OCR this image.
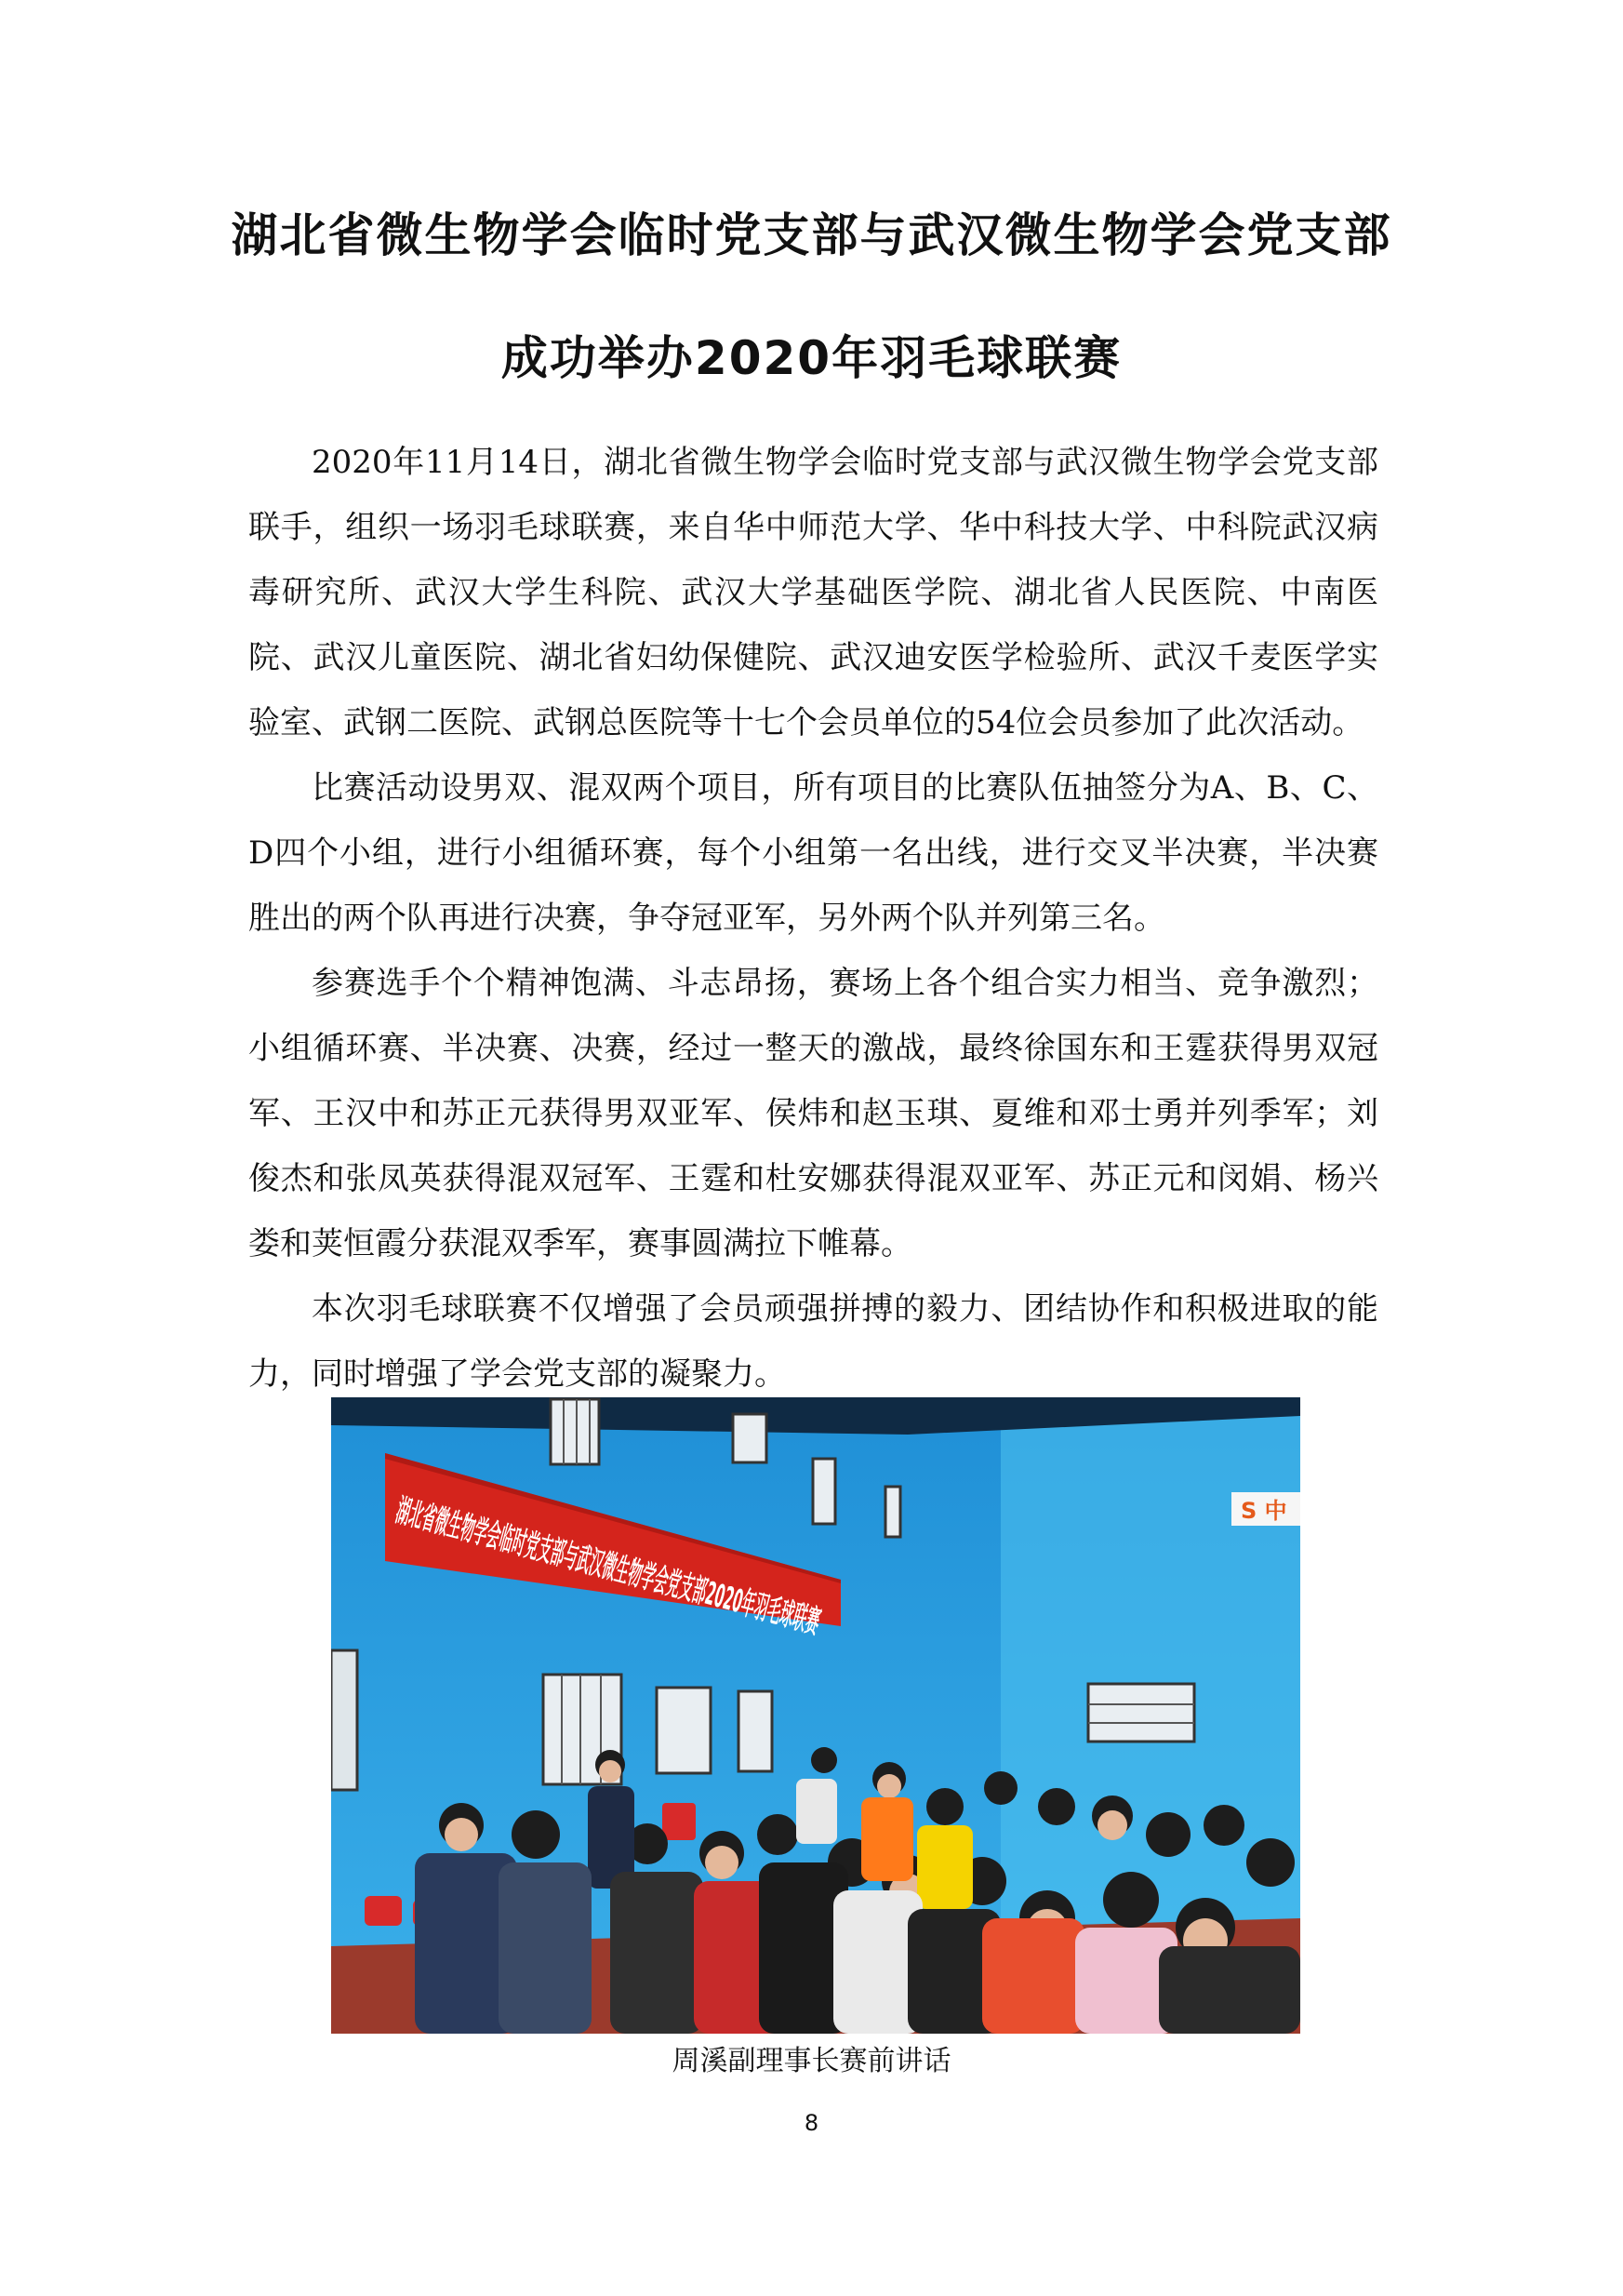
湖北省微生物学会临时党支部与武汉微生物学会党支部
成功举办2020年羽毛球联赛

2020年11月14日，湖北省微生物学会临时党支部与武汉微生物学会党支部联手，组织一场羽毛球联赛，来自华中师范大学、华中科技大学、中科院武汉病毒研究所、武汉大学生科院、武汉大学基础医学院、湖北省人民医院、中南医院、武汉儿童医院、湖北省妇幼保健院、武汉迪安医学检验所、武汉千麦医学实验室、武钢二医院、武钢总医院等十七个会员单位的54位会员参加了此次活动。

比赛活动设男双、混双两个项目，所有项目的比赛队伍抽签分为A、B、C、D四个小组，进行小组循环赛，每个小组第一名出线，进行交叉半决赛，半决赛胜出的两个队再进行决赛，争夺冠亚军，另外两个队并列第三名。

参赛选手个个精神饱满、斗志昂扬，赛场上各个组合实力相当、竞争激烈；小组循环赛、半决赛、决赛，经过一整天的激战，最终徐国东和王霆获得男双冠军、王汉中和苏正元获得男双亚军、侯炜和赵玉琪、夏维和邓士勇并列季军；刘俊杰和张凤英获得混双冠军、王霆和杜安娜获得混双亚军、苏正元和闵娟、杨兴娄和荚恒霞分获混双季军，赛事圆满拉下帷幕。

本次羽毛球联赛不仅增强了会员顽强拼搏的毅力、团结协作和积极进取的能力，同时增强了学会党支部的凝聚力。

S 中
周溪副理事长赛前讲话
8
